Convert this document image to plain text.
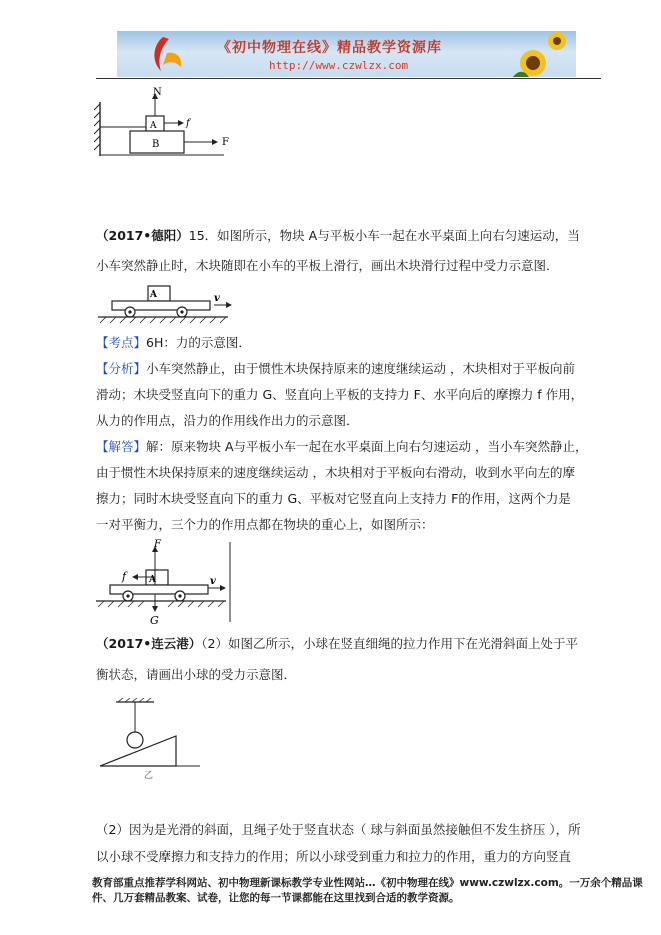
《初中物理在线》精品教学资源库
http://www.czwlzx.com
N
A	f
B	F
（2017•德阳）15．如图所示，物块 A与平板小车一起在水平桌面上向右匀速运动，当
小车突然静止时，木块随即在小车的平板上滑行，画出木块滑行过程中受力示意图．
A	v
【考点】6H：力的示意图．
【分析】小车突然静止，由于惯性木块保持原来的速度继续运动 ，木块相对于平板向前
滑动；木块受竖直向下的重力 G、竖直向上平板的支持力 F、水平向后的摩擦力 f 作用，
从力的作用点，沿力的作用线作出力的示意图．
【解答】解：原来物块 A与平板小车一起在水平桌面上向右匀速运动 ，当小车突然静止，
由于惯性木块保持原来的速度继续运动 ，木块相对于平板向右滑动，收到水平向左的摩
擦力；同时木块受竖直向下的重力 G、平板对它竖直向上支持力 F的作用，这两个力是
一对平衡力，三个力的作用点都在物块的重心上，如图所示：
A
F
f
G
v
（2017•连云港）（2）如图乙所示，小球在竖直细绳的拉力作用下在光滑斜面上处于平
衡状态，请画出小球的受力示意图．
乙
（2）因为是光滑的斜面，且绳子处于竖直状态（ 球与斜面虽然接触但不发生挤压 ），所
以小球不受摩擦力和支持力的作用；所以小球受到重力和拉力的作用，重力的方向竖直
教育部重点推荐学科网站、初中物理新课标教学专业性网站…《初中物理在线》www.czwlzx.com。一万余个精品课
件、几万套精品教案、试卷，让您的每一节课都能在这里找到合适的教学资源。
